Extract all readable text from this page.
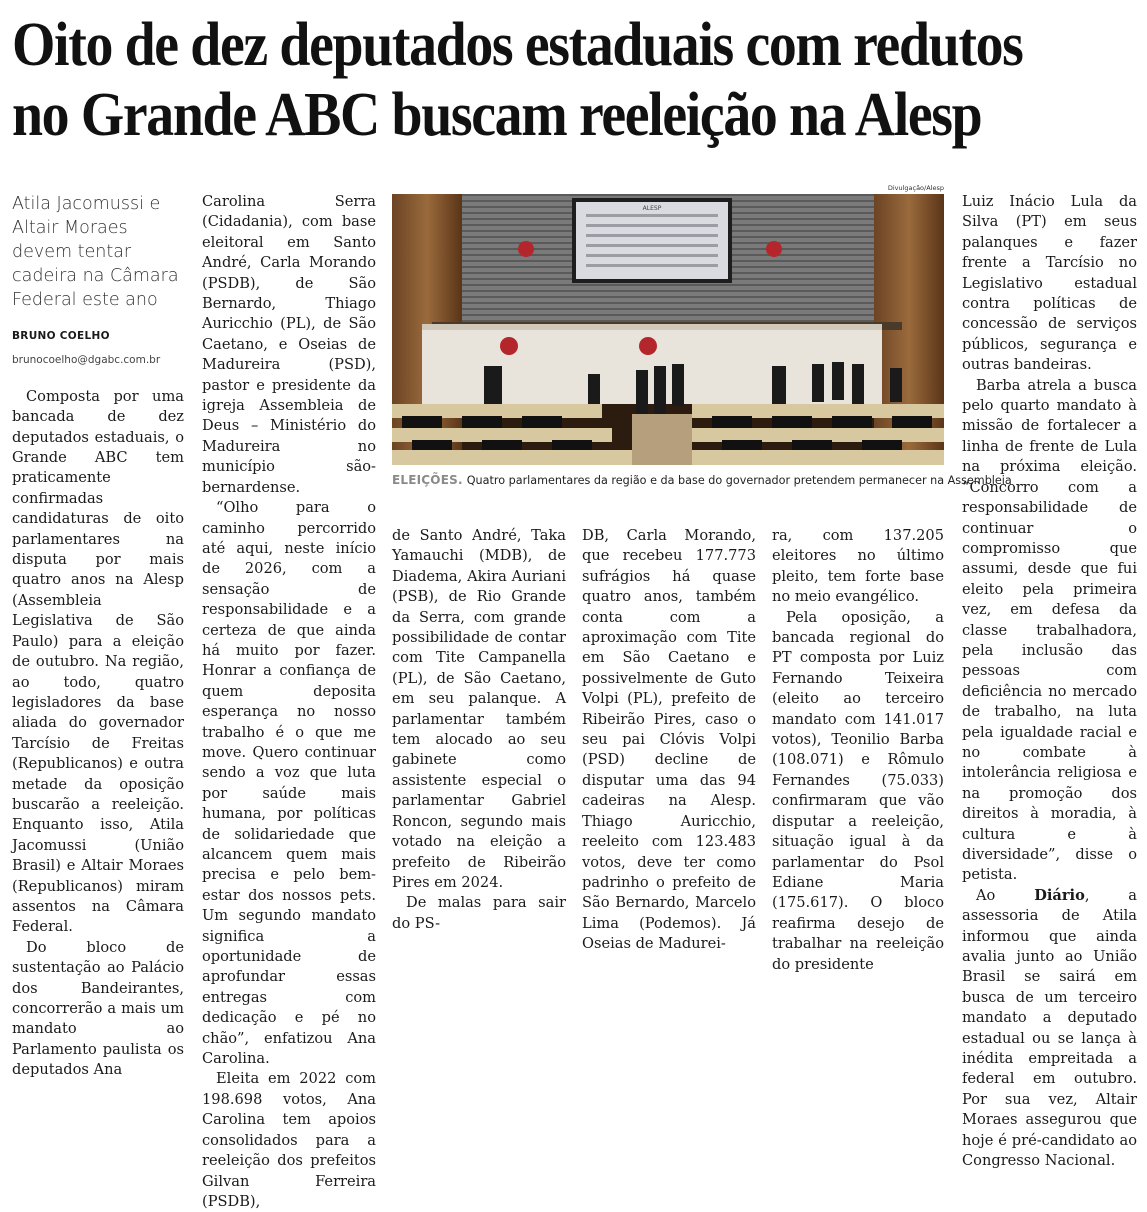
Oito de dez deputados estaduais com redutos
no Grande ABC buscam reeleição na Alesp
Atila Jacomussi e Altair Moraes devem tentar cadeira na Câmara Federal este ano
BRUNO COELHO
brunocoelho@dgabc.com.br

Composta por uma bancada de dez deputados estaduais, o Grande ABC tem praticamente confirmadas candidaturas de oito parlamentares na disputa por mais quatro anos na Alesp (Assembleia Legislativa de São Paulo) para a eleição de outubro. Na região, ao todo, quatro legisladores da base aliada do governador Tarcísio de Freitas (Republicanos) e outra metade da oposição buscarão a reeleição. Enquanto isso, Atila Jacomussi (União Brasil) e Altair Moraes (Republicanos) miram assentos na Câmara Federal.

Do bloco de sustentação ao Palácio dos Bandeirantes, concorrerão a mais um mandato ao Parlamento paulista os deputados Ana

Carolina Serra (Cidadania), com base eleitoral em Santo André, Carla Morando (PSDB), de São Bernardo, Thiago Auricchio (PL), de São Caetano, e Oseias de Madureira (PSD), pastor e presidente da igreja Assembleia de Deus – Ministério do Madureira no município são-bernardense.

“Olho para o caminho percorrido até aqui, neste início de 2026, com a sensação de responsabilidade e a certeza de que ainda há muito por fazer. Honrar a confiança de quem deposita esperança no nosso trabalho é o que me move. Quero continuar sendo a voz que luta por saúde mais humana, por políticas de solidariedade que alcancem quem mais precisa e pelo bem-estar dos nossos pets. Um segundo mandato significa a oportunidade de aprofundar essas entregas com dedicação e pé no chão”, enfatizou Ana Carolina.

Eleita em 2022 com 198.698 votos, Ana Carolina tem apoios consolidados para a reeleição dos prefeitos Gilvan Ferreira (PSDB),

Divulgação/Alesp
ALESP
ELEIÇÕES. Quatro parlamentares da região e da base do governador pretendem permanecer na Assembleia

de Santo André, Taka Yamauchi (MDB), de Diadema, Akira Auriani (PSB), de Rio Grande da Serra, com grande possibilidade de contar com Tite Campanella (PL), de São Caetano, em seu palanque. A parlamentar também tem alocado ao seu gabinete como assistente especial o parlamentar Gabriel Roncon, segundo mais votado na eleição a prefeito de Ribeirão Pires em 2024.

De malas para sair do PS-

DB, Carla Morando, que recebeu 177.773 sufrágios há quase quatro anos, também conta com a aproximação com Tite em São Caetano e possivelmente de Guto Volpi (PL), prefeito de Ribeirão Pires, caso o seu pai Clóvis Volpi (PSD) decline de disputar uma das 94 cadeiras na Alesp. Thiago Auricchio, reeleito com 123.483 votos, deve ter como padrinho o prefeito de São Bernardo, Marcelo Lima (Podemos). Já Oseias de Madurei-

ra, com 137.205 eleitores no último pleito, tem forte base no meio evangélico.

Pela oposição, a bancada regional do PT composta por Luiz Fernando Teixeira (eleito ao terceiro mandato com 141.017 votos), Teonilio Barba (108.071) e Rômulo Fernandes (75.033) confirmaram que vão disputar a reeleição, situação igual à da parlamentar do Psol Ediane Maria (175.617). O bloco reafirma desejo de trabalhar na reeleição do presidente

Luiz Inácio Lula da Silva (PT) em seus palanques e fazer frente a Tarcísio no Legislativo estadual contra políticas de concessão de serviços públicos, segurança e outras bandeiras.

Barba atrela a busca pelo quarto mandato à missão de fortalecer a linha de frente de Lula na próxima eleição. “Concorro com a responsabilidade de continuar o compromisso que assumi, desde que fui eleito pela primeira vez, em defesa da classe trabalhadora, pela inclusão das pessoas com deficiência no mercado de trabalho, na luta pela igualdade racial e no combate à intolerância religiosa e na promoção dos direitos à moradia, à cultura e à diversidade”, disse o petista.

Ao Diário, a assessoria de Atila informou que ainda avalia junto ao União Brasil se sairá em busca de um terceiro mandato a deputado estadual ou se lança à inédita empreitada a federal em outubro. Por sua vez, Altair Moraes assegurou que hoje é pré-candidato ao Congresso Nacional.
